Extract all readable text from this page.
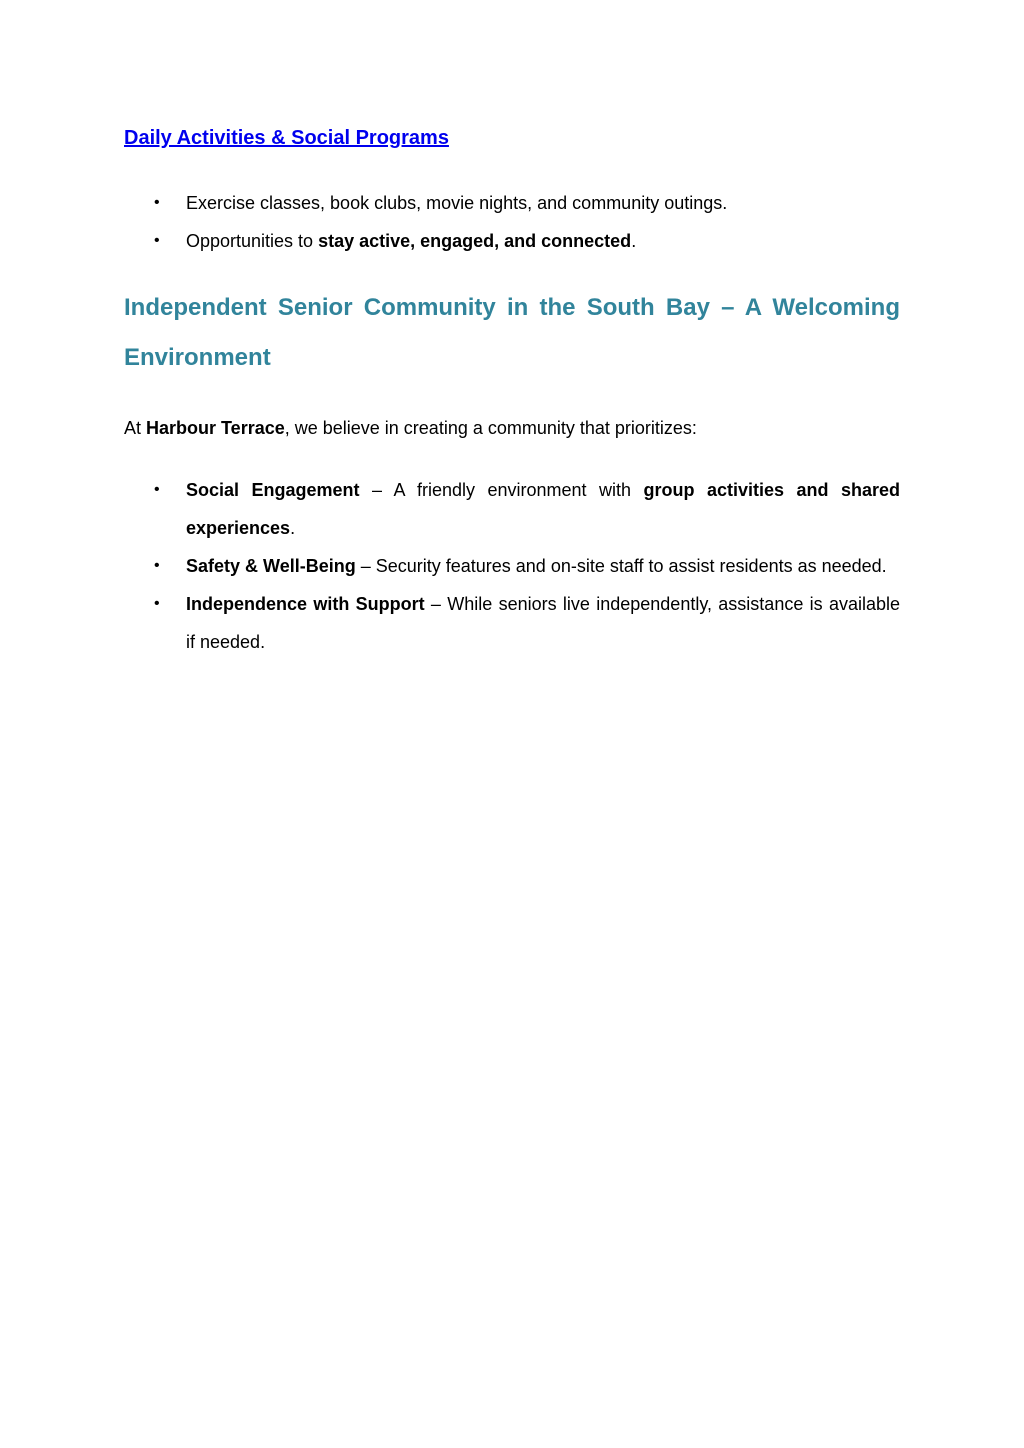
Daily Activities & Social Programs
• Exercise classes, book clubs, movie nights, and community outings.
• Opportunities to stay active, engaged, and connected.
Independent Senior Community in the South Bay – A Welcoming Environment

At Harbour Terrace, we believe in creating a community that prioritizes:

• Social Engagement – A friendly environment with group activities and shared experiences.
• Safety & Well-Being – Security features and on-site staff to assist residents as needed.
• Independence with Support – While seniors live independently, assistance is available if needed.
